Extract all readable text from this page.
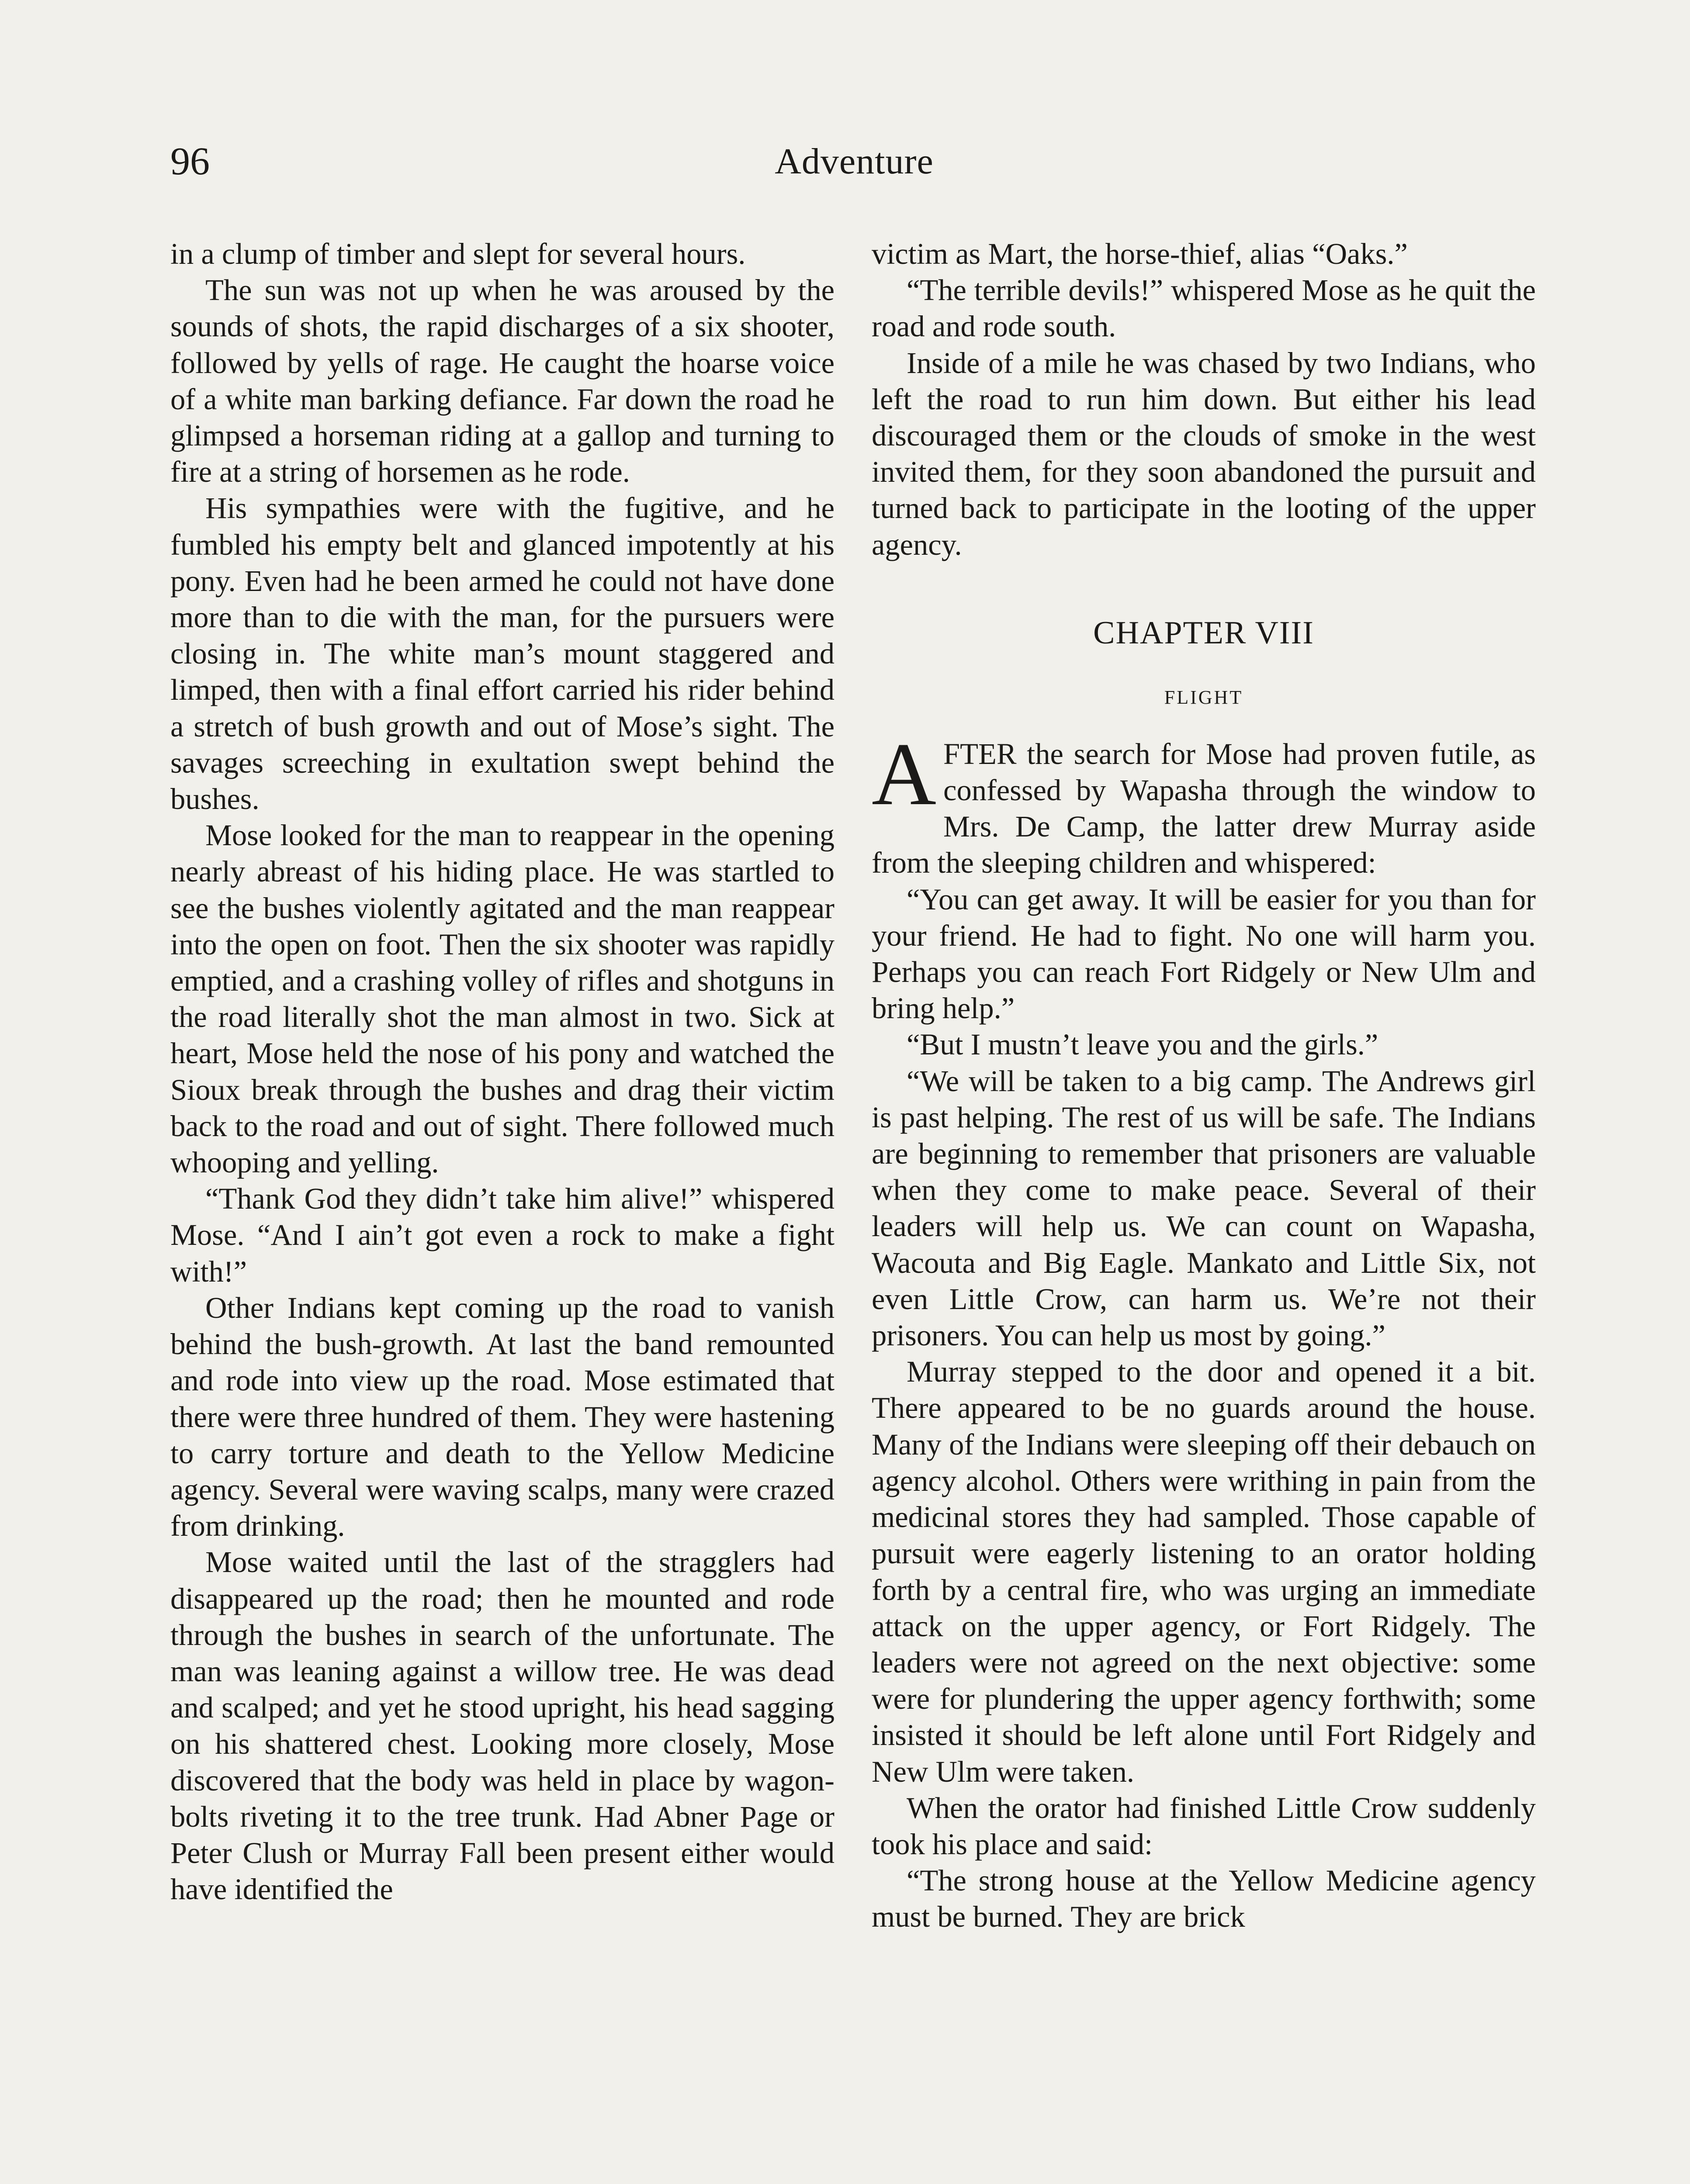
96	Adventure

in a clump of timber and slept for several hours.

The sun was not up when he was aroused by the sounds of shots, the rapid discharges of a six shooter, followed by yells of rage. He caught the hoarse voice of a white man barking defiance. Far down the road he glimpsed a horseman riding at a gallop and turning to fire at a string of horsemen as he rode.

His sympathies were with the fugitive, and he fumbled his empty belt and glanced impotently at his pony. Even had he been armed he could not have done more than to die with the man, for the pursuers were closing in. The white man’s mount staggered and limped, then with a final effort carried his rider behind a stretch of bush growth and out of Mose’s sight. The savages screeching in exultation swept behind the bushes.

Mose looked for the man to reappear in the opening nearly abreast of his hiding place. He was startled to see the bushes violently agitated and the man reappear into the open on foot. Then the six shooter was rapidly emptied, and a crashing volley of rifles and shotguns in the road literally shot the man almost in two. Sick at heart, Mose held the nose of his pony and watched the Sioux break through the bushes and drag their victim back to the road and out of sight. There followed much whooping and yelling.

“Thank God they didn’t take him alive!” whispered Mose. “And I ain’t got even a rock to make a fight with!”

Other Indians kept coming up the road to vanish behind the bush-growth. At last the band remounted and rode into view up the road. Mose estimated that there were three hundred of them. They were hastening to carry torture and death to the Yellow Medicine agency. Several were waving scalps, many were crazed from drinking.

Mose waited until the last of the stragglers had disappeared up the road; then he mounted and rode through the bushes in search of the unfortunate. The man was leaning against a willow tree. He was dead and scalped; and yet he stood upright, his head sagging on his shattered chest. Looking more closely, Mose discovered that the body was held in place by wagon-bolts riveting it to the tree trunk. Had Abner Page or Peter Clush or Murray Fall been present either would have identified the

victim as Mart, the horse-thief, alias “Oaks.”

“The terrible devils!” whispered Mose as he quit the road and rode south.

Inside of a mile he was chased by two Indians, who left the road to run him down. But either his lead discouraged them or the clouds of smoke in the west invited them, for they soon abandoned the pursuit and turned back to participate in the looting of the upper agency.

CHAPTER VIII
FLIGHT

AFTER the search for Mose had proven futile, as confessed by Wapasha through the window to Mrs. De Camp, the latter drew Murray aside from the sleeping children and whispered:

“You can get away. It will be easier for you than for your friend. He had to fight. No one will harm you. Perhaps you can reach Fort Ridgely or New Ulm and bring help.”

“But I mustn’t leave you and the girls.”

“We will be taken to a big camp. The Andrews girl is past helping. The rest of us will be safe. The Indians are beginning to remember that prisoners are valuable when they come to make peace. Several of their leaders will help us. We can count on Wapasha, Wacouta and Big Eagle. Mankato and Little Six, not even Little Crow, can harm us. We’re not their prisoners. You can help us most by going.”

Murray stepped to the door and opened it a bit. There appeared to be no guards around the house. Many of the Indians were sleeping off their debauch on agency alcohol. Others were writhing in pain from the medicinal stores they had sampled. Those capable of pursuit were eagerly listening to an orator holding forth by a central fire, who was urging an immediate attack on the upper agency, or Fort Ridgely. The leaders were not agreed on the next objective: some were for plundering the upper agency forthwith; some insisted it should be left alone until Fort Ridgely and New Ulm were taken.

When the orator had finished Little Crow suddenly took his place and said:

“The strong house at the Yellow Medicine agency must be burned. They are brick
